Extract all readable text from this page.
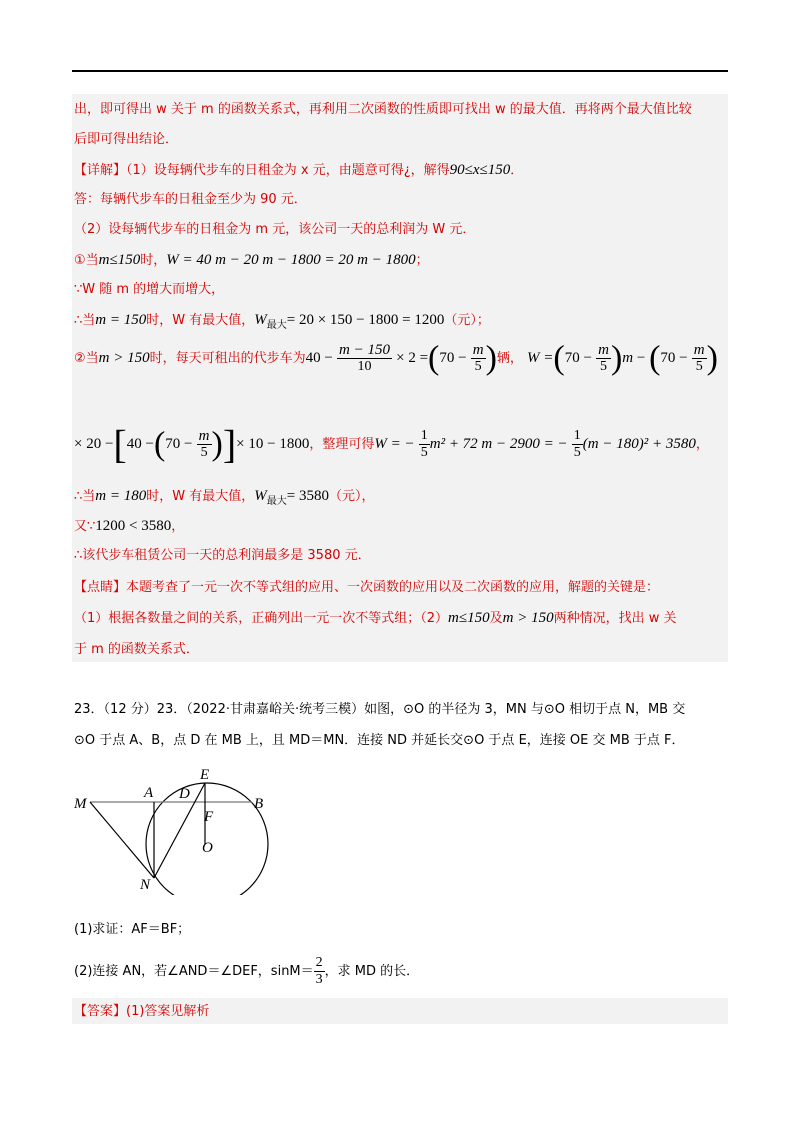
出，即可得出 w 关于 m 的函数关系式，再利用二次函数的性质即可找出 w 的最大值．再将两个最大值比较
后即可得出结论．
【详解】（1）设每辆代步车的日租金为 x 元，由题意可得¿，解得90≤x≤150．
答：每辆代步车的日租金至少为 90 元．
（2）设每辆代步车的日租金为 m 元，该公司一天的总利润为 W 元．
①当m≤150时，W = 40 m − 20 m − 1800 = 20 m − 1800；
∵W 随 m 的增大而增大，
∴当m = 150时，W 有最大值，$W_{最大}= 20 \times 150 - 1800 = 1200$（元）；
②当m > 150时，每天可租出的代步车为$40 - \frac{m - 150}{10} \times 2 =(70 - \frac{m}{5}$ )辆， $W =(70 - \frac{m}{5} )m - (70 - \frac{m}{5}$ )
× $20 -[40 -(70 - \frac{m}{5}$ )]× 10 − 1800，整理可得W = − $\frac{1}{5} m^2 + 72$ m − 2900 = − $\frac{1}{5} (m - 180)^2 + 3580$，
∴当m = 180时，W 有最大值，$W_{最大}= 3580$（元），
又∵1200 < 3580，
∴该代步车租赁公司一天的总利润最多是 3580 元．
【点睛】本题考查了一元一次不等式组的应用、一次函数的应用以及二次函数的应用，解题的关键是：
（1）根据各数量之间的关系，正确列出一元一次不等式组；（2）m≤150及m > 150两种情况，找出 w 关
于 m 的函数关系式．
23．（12 分）23．（2022·甘肃嘉峪关·统考三模）如图，⊙O 的半径为 3，MN 与⊙O 相切于点 N，MB 交
⊙O 于点 A、B，点 D 在 MB 上，且 MD＝MN．连接 ND 并延长交⊙O 于点 E，连接 OE 交 MB 于点 F．
M
A D
E
B
F
O
N
(1)求证：AF＝BF；
(2)连接 AN，若∠AND＝∠DEF，$\sin M= \frac{2}{3}$ ，求 MD 的长．
【答案】(1)答案见解析
